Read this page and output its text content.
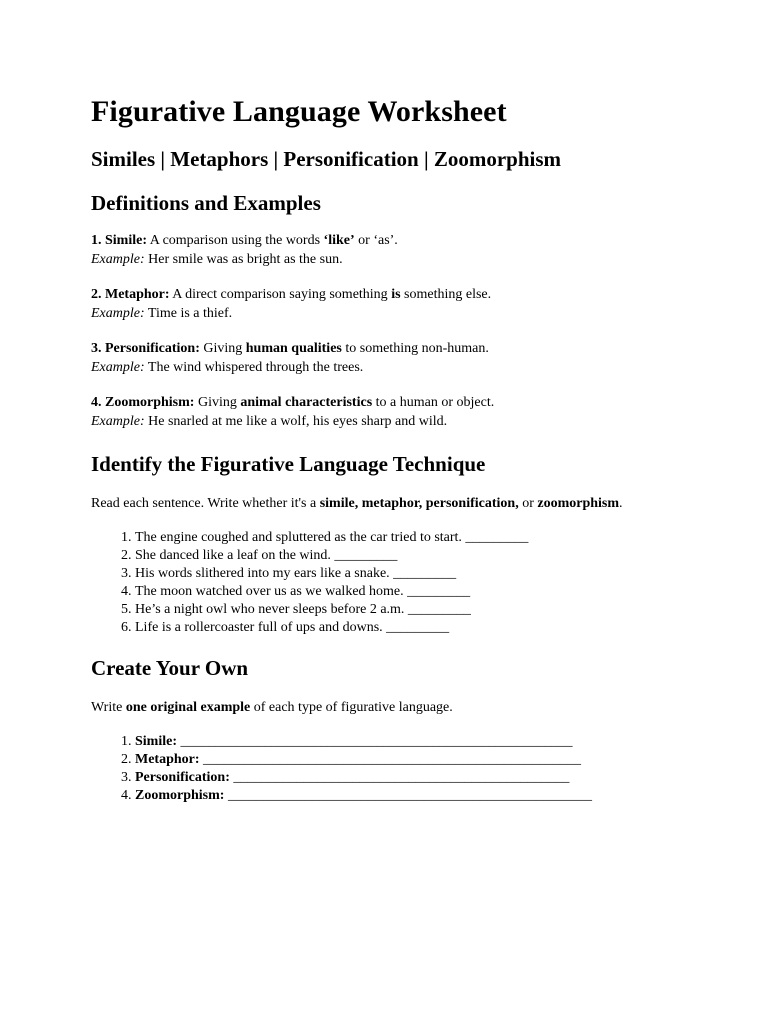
Figurative Language Worksheet
Similes | Metaphors | Personification | Zoomorphism
Definitions and Examples
1. Simile: A comparison using the words ‘like’ or ‘as’.
Example: Her smile was as bright as the sun.
2. Metaphor: A direct comparison saying something is something else.
Example: Time is a thief.
3. Personification: Giving human qualities to something non-human.
Example: The wind whispered through the trees.
4. Zoomorphism: Giving animal characteristics to a human or object.
Example: He snarled at me like a wolf, his eyes sharp and wild.
Identify the Figurative Language Technique
Read each sentence. Write whether it's a simile, metaphor, personification, or zoomorphism.
1. The engine coughed and spluttered as the car tried to start. _________
2. She danced like a leaf on the wind. _________
3. His words slithered into my ears like a snake. _________
4. The moon watched over us as we walked home. _________
5. He’s a night owl who never sleeps before 2 a.m. _________
6. Life is a rollercoaster full of ups and downs. _________
Create Your Own
Write one original example of each type of figurative language.
1. Simile: ________________________________________________________
2. Metaphor: ______________________________________________________
3. Personification: ________________________________________________
4. Zoomorphism: ____________________________________________________
